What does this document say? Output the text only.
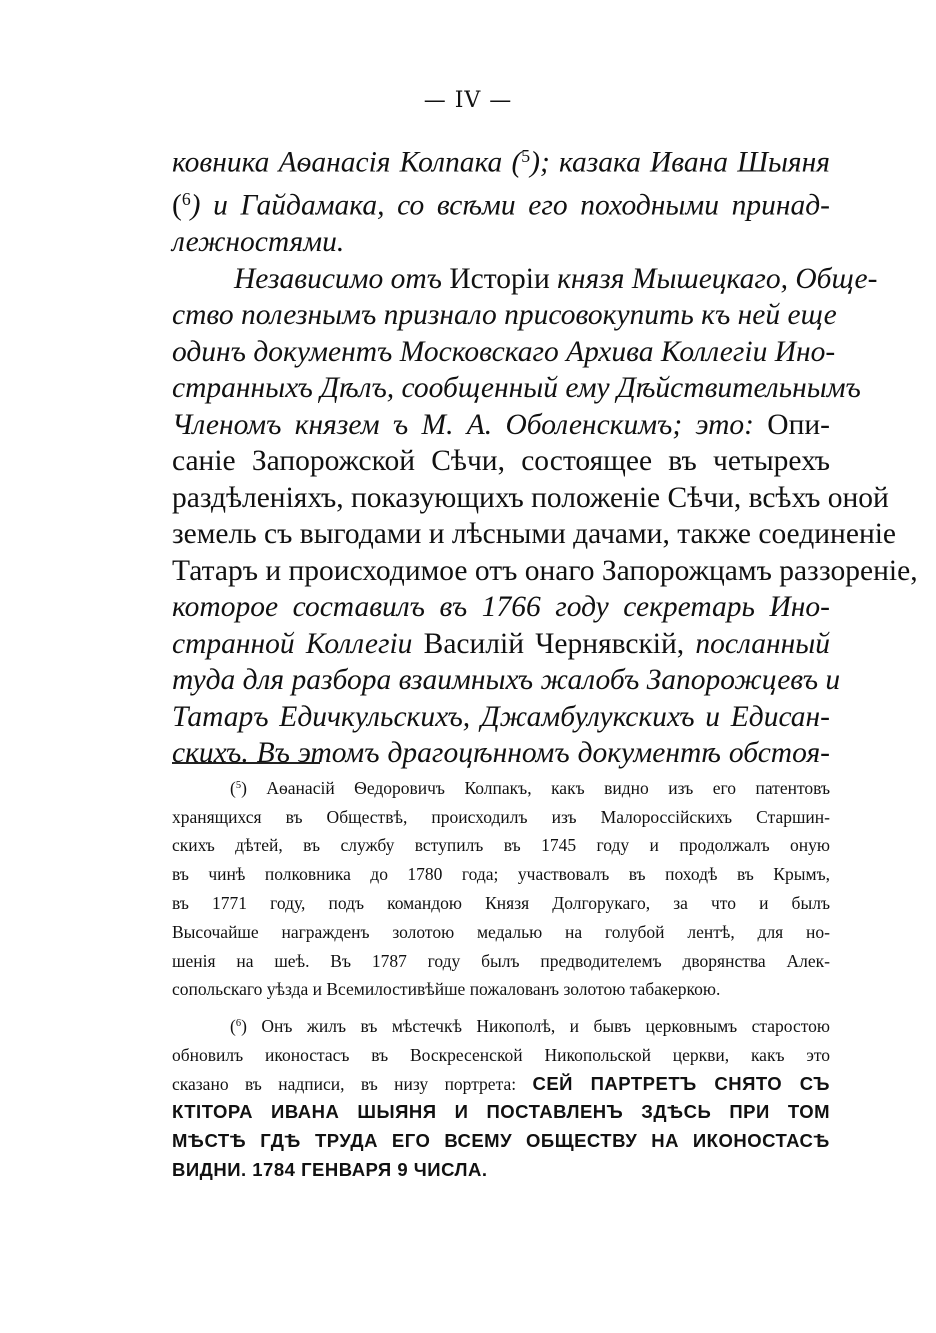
— IV —
ковника Аѳанасія Колпака ($^5$); казака Ивана Шыяня
($^6$) и Гайдамака, со всѣми его походными принад-
лежностями.
Независимо отъ Исторіи князя Мышецкаго, Обще-
ство полезнымъ признало присовокупить къ ней еще
одинъ документъ Московскаго Архива Коллегіи Ино-
странныхъ Дѣлъ, сообщенный ему Дѣйствительнымъ
Членомъ князем ъ М. А. Оболенскимъ; это: Опи-
саніе Запорожской Сѣчи, состоящее въ четырехъ
раздѣленіяхъ, показующихъ положеніе Сѣчи, всѣхъ оной
земель съ выгодами и лѣсными дачами, также соединеніе
Татаръ и происходимое отъ онаго Запорожцамъ раззореніе,
которое составилъ въ 1766 году секретарь Ино-
странной Коллегіи Василій Чернявскій, посланный
туда для разбора взаимныхъ жалобъ Запорожцевъ и
Татаръ Едичкульскихъ, Джамбулукскихъ и Едисан-
скихъ. Въ этомъ драгоцѣнномъ документѣ обстоя-
($^5$) Аѳанасій Ѳедоровичъ Колпакъ, какъ видно изъ его патентовъ
хранящихся въ Обществѣ, происходилъ изъ Малороссійскихъ Старшин-
скихъ дѣтей, въ службу вступилъ въ 1745 году и продолжалъ оную
въ чинѣ полковника до 1780 года; участвовалъ въ походѣ въ Крымъ,
въ 1771 году, подъ командою Князя Долгорукаго, за что и былъ
Высочайше награжденъ золотою медалью на голубой лентѣ, для но-
шенія на шеѣ. Въ 1787 году былъ предводителемъ дворянства Алек-
сопольскаго уѣзда и Всемилостивѣйше пожалованъ золотою табакеркою.
($^6$) Онъ жилъ въ мѣстечкѣ Никополѣ, и бывъ церковнымъ старостою
обновилъ иконостасъ въ Воскресенской Никопольской церкви, какъ это
сказано въ надписи, въ низу портрета: СЕЙ ПАРТРЕТЪ СНЯТО СЪ
КТІТОРА ИВАНА ШЫЯНЯ И ПОСТАВЛЕНЪ ЗДѢСЬ ПРИ ТОМ
МѢСТѢ ГДѢ ТРУДА ЕГО ВСЕМУ ОБЩЕСТВУ НА ИКОНОСТАСѢ
ВИДНИ. 1784 ГЕНВАРЯ 9 ЧИСЛА.
